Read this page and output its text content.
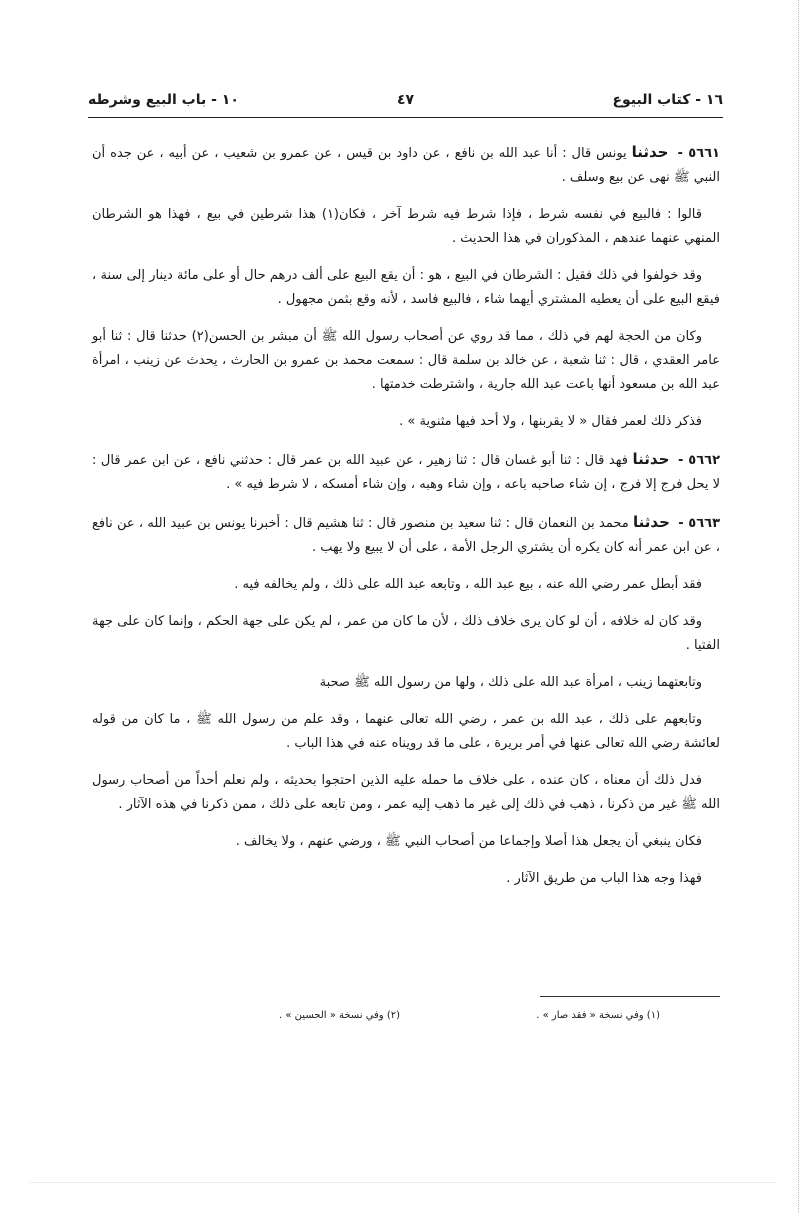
١٦ - كتاب البيوع
٤٧
١٠ - باب البيع وشرطه

٥٦٦١ - حدثنا يونس قال : أنا عبد الله بن نافع ، عن داود بن قيس ، عن عمرو بن شعيب ، عن أبيه ، عن جده أن النبي ﷺ نهى عن بيع وسلف .

قالوا : فالبيع في نفسه شرط ، فإذا شرط فيه شرط آخر ، فكان(١) هذا شرطين في بيع ، فهذا هو الشرطان المنهي عنهما عندهم ، المذكوران في هذا الحديث .

وقد خولفوا في ذلك فقيل : الشرطان في البيع ، هو : أن يقع البيع على ألف درهم حال أو على مائة دينار إلى سنة ، فيقع البيع على أن يعطيه المشتري أيهما شاء ، فالبيع فاسد ، لأنه وقع بثمن مجهول .

وكان من الحجة لهم في ذلك ، مما قد روي عن أصحاب رسول الله ﷺ أن مبشر بن الحسن(٢) حدثنا قال : ثنا أبو عامر العقدي ، قال : ثنا شعبة ، عن خالد بن سلمة قال : سمعت محمد بن عمرو بن الحارث ، يحدث عن زينب ، امرأة عبد الله بن مسعود أنها باعت عبد الله جارية ، واشترطت خدمتها .

فذكر ذلك لعمر فقال « لا يقربنها ، ولا أحد فيها مثنوية » .

٥٦٦٢ - حدثنا فهد قال : ثنا أبو غسان قال : ثنا زهير ، عن عبيد الله بن عمر قال : حدثني نافع ، عن ابن عمر قال : لا يحل فرج إلا فرج ، إن شاء صاحبه باعه ، وإن شاء وهبه ، وإن شاء أمسكه ، لا شرط فيه » .

٥٦٦٣ - حدثنا محمد بن النعمان قال : ثنا سعيد بن منصور قال : ثنا هشيم قال : أخبرنا يونس بن عبيد الله ، عن نافع ، عن ابن عمر أنه كان يكره أن يشتري الرجل الأمة ، على أن لا يبيع ولا يهب .

فقد أبطل عمر رضي الله عنه ، بيع عبد الله ، وتابعه عبد الله على ذلك ، ولم يخالفه فيه .

وقد كان له خلافه ، أن لو كان يرى خلاف ذلك ، لأن ما كان من عمر ، لم يكن على جهة الحكم ، وإنما كان على جهة الفتيا .

وتابعتهما زينب ، امرأة عبد الله على ذلك ، ولها من رسول الله ﷺ صحبة

وتابعهم على ذلك ، عبد الله بن عمر ، رضي الله تعالى عنهما ، وقد علم من رسول الله ﷺ ، ما كان من قوله لعائشة رضي الله تعالى عنها في أمر بريرة ، على ما قد رويناه عنه في هذا الباب .

فدل ذلك أن معناه ، كان عنده ، على خلاف ما حمله عليه الذين احتجوا بحديثه ، ولم نعلم أحداً من أصحاب رسول الله ﷺ غير من ذكرنا ، ذهب في ذلك إلى غير ما ذهب إليه عمر ، ومن تابعه على ذلك ، ممن ذكرنا في هذه الآثار .

فكان ينبغي أن يجعل هذا أصلا وإجماعا من أصحاب النبي ﷺ ، ورضي عنهم ، ولا يخالف .

فهذا وجه هذا الباب من طريق الآثار .

(١) وفي نسخة « فقد صار » .
(٢) وفي نسخة « الحسين » .
